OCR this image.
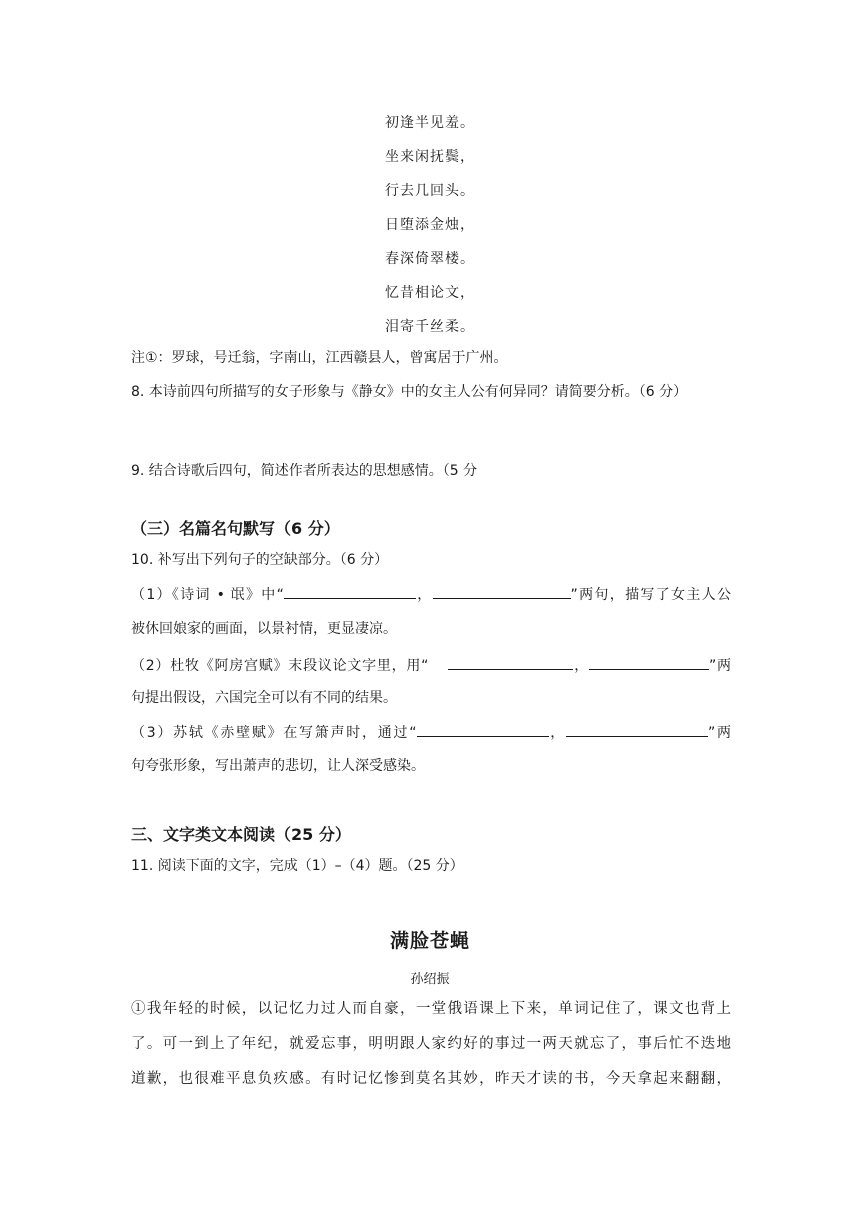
初逢半见羞。
坐来闲抚鬓，
行去几回头。
日堕添金烛，
春深倚翠楼。
忆昔相论文，
泪寄千丝柔。
注①：罗球，号迁翁，字南山，江西赣县人，曾寓居于广州。
8. 本诗前四句所描写的女子形象与《静女》中的女主人公有何异同？请简要分析。（6 分）
9. 结合诗歌后四句，简述作者所表达的思想感情。（5 分
（三）名篇名句默写（6 分）
10. 补写出下列句子的空缺部分。（6 分）
（1）《诗词 • 氓》中“	，	”两句，描写了女主人公
被休回娘家的画面，以景衬情，更显凄凉。
（2）杜牧《阿房宫赋》末段议论文字里，用“	，	”两
句提出假设，六国完全可以有不同的结果。
（3）苏轼《赤壁赋》在写箫声时，通过“	，	”两
句夸张形象，写出萧声的悲切，让人深受感染。
三、文字类文本阅读（25 分）
11. 阅读下面的文字，完成（1）–（4）题。（25 分）
满脸苍蝇
孙绍振
①我年轻的时候，以记忆力过人而自豪，一堂俄语课上下来，单词记住了，课文也背上
了。可一到上了年纪，就爱忘事，明明跟人家约好的事过一两天就忘了，事后忙不迭地
道歉，也很难平息负疚感。有时记忆惨到莫名其妙，昨天才读的书，今天拿起来翻翻，
